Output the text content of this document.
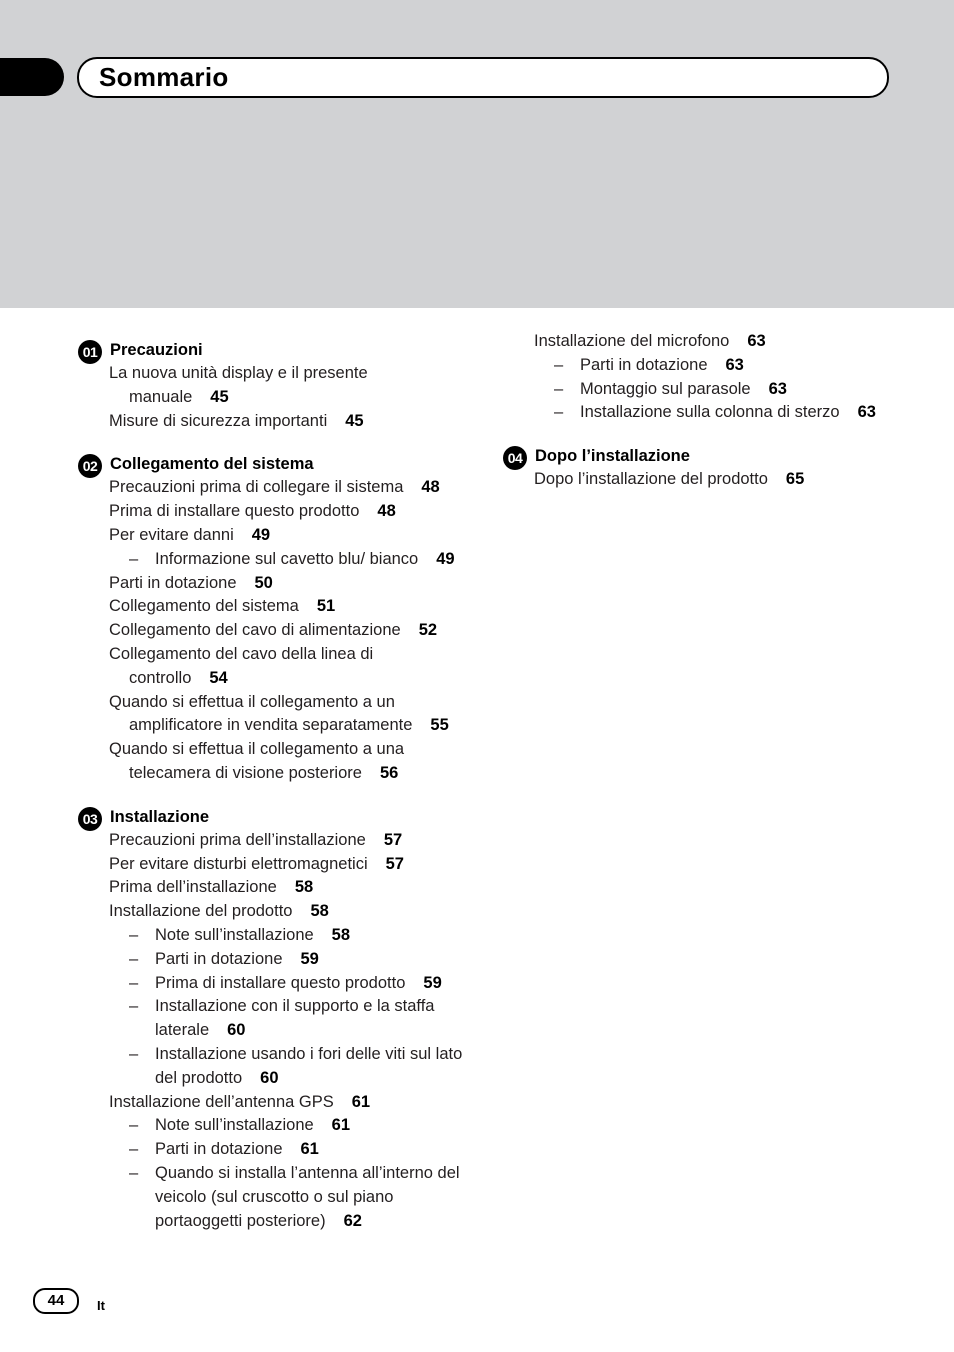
Sommario
01 Precauzioni
La nuova unità display e il presente manuale 45
Misure di sicurezza importanti 45
02 Collegamento del sistema
Precauzioni prima di collegare il sistema 48
Prima di installare questo prodotto 48
Per evitare danni 49
–	Informazione sul cavetto blu/ bianco 49
Parti in dotazione 50
Collegamento del sistema 51
Collegamento del cavo di alimentazione 52
Collegamento del cavo della linea di controllo 54
Quando si effettua il collegamento a un amplificatore in vendita separatamente 55
Quando si effettua il collegamento a una telecamera di visione posteriore 56
03 Installazione
Precauzioni prima dell’installazione 57
Per evitare disturbi elettromagnetici 57
Prima dell’installazione 58
Installazione del prodotto 58
–	Note sull’installazione 58
–	Parti in dotazione 59
–	Prima di installare questo prodotto 59
–	Installazione con il supporto e la staffa laterale 60
–	Installazione usando i fori delle viti sul lato del prodotto 60
Installazione dell’antenna GPS 61
–	Note sull’installazione 61
–	Parti in dotazione 61
–	Quando si installa l’antenna all’interno del veicolo (sul cruscotto o sul piano portaoggetti posteriore) 62
Installazione del microfono 63
–	Parti in dotazione 63
–	Montaggio sul parasole 63
–	Installazione sulla colonna di sterzo 63
04 Dopo l’installazione
Dopo l’installazione del prodotto 65
44	It
